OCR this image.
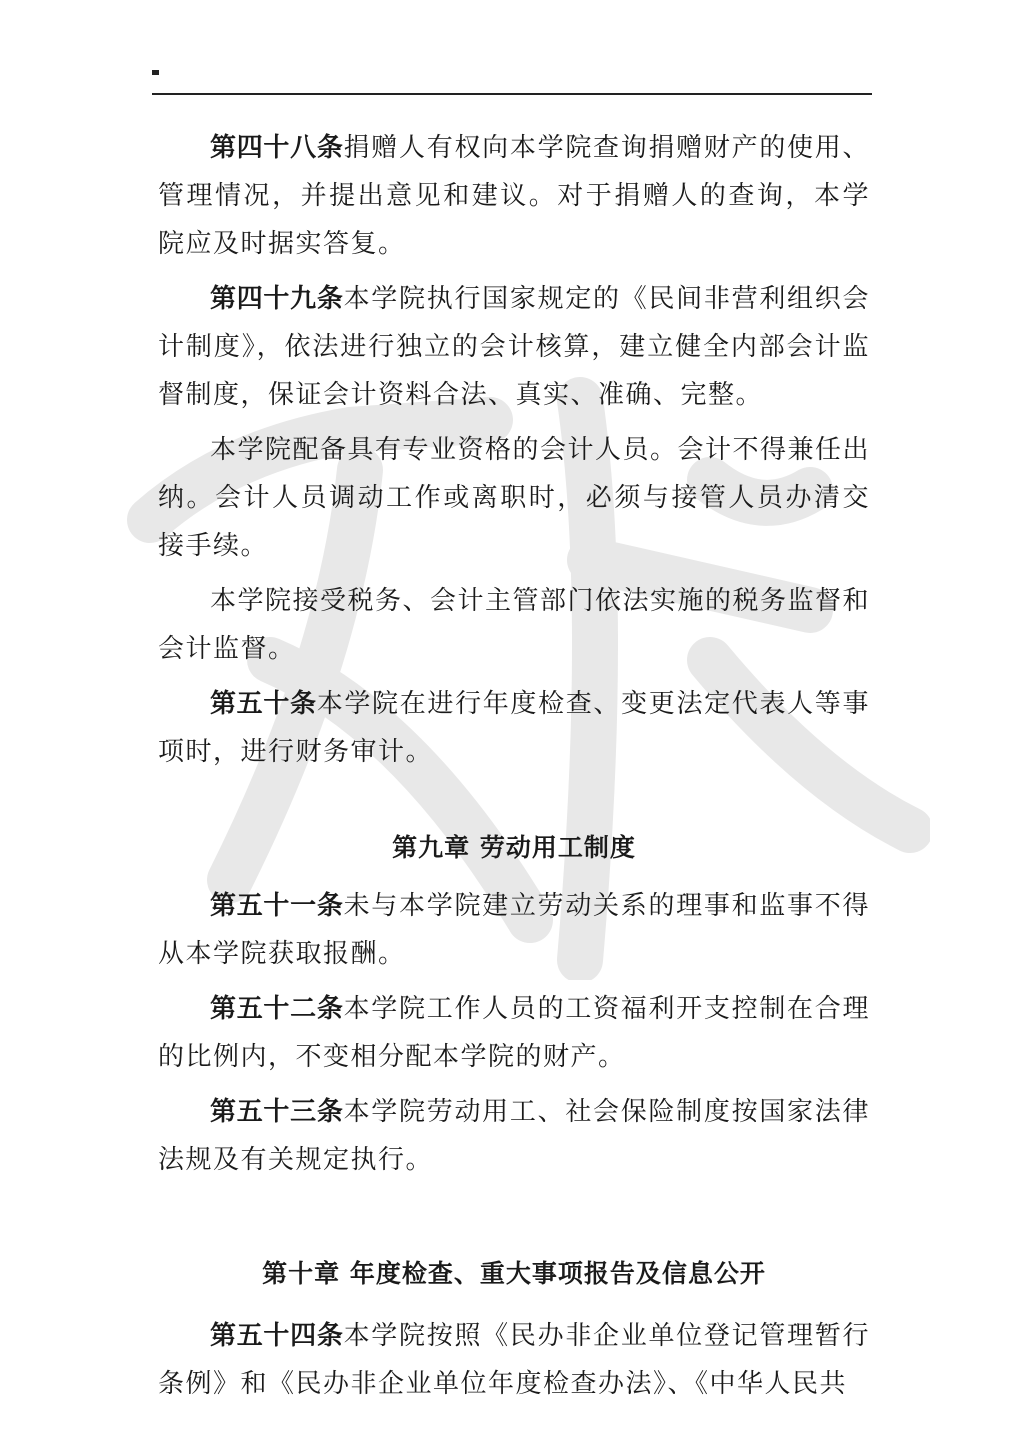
第四十八条捐赠人有权向本学院查询捐赠财产的使用、管理情况，并提出意见和建议。对于捐赠人的查询，本学院应及时据实答复。

第四十九条本学院执行国家规定的《民间非营利组织会计制度》，依法进行独立的会计核算，建立健全内部会计监督制度，保证会计资料合法、真实、准确、完整。

本学院配备具有专业资格的会计人员。会计不得兼任出纳。会计人员调动工作或离职时，必须与接管人员办清交接手续。

本学院接受税务、会计主管部门依法实施的税务监督和会计监督。

第五十条本学院在进行年度检查、变更法定代表人等事项时，进行财务审计。

第九章 劳动用工制度

第五十一条未与本学院建立劳动关系的理事和监事不得从本学院获取报酬。

第五十二条本学院工作人员的工资福利开支控制在合理的比例内，不变相分配本学院的财产。

第五十三条本学院劳动用工、社会保险制度按国家法律法规及有关规定执行。

第十章 年度检查、重大事项报告及信息公开

第五十四条本学院按照《民办非企业单位登记管理暂行条例》和《民办非企业单位年度检查办法》、《中华人民共
